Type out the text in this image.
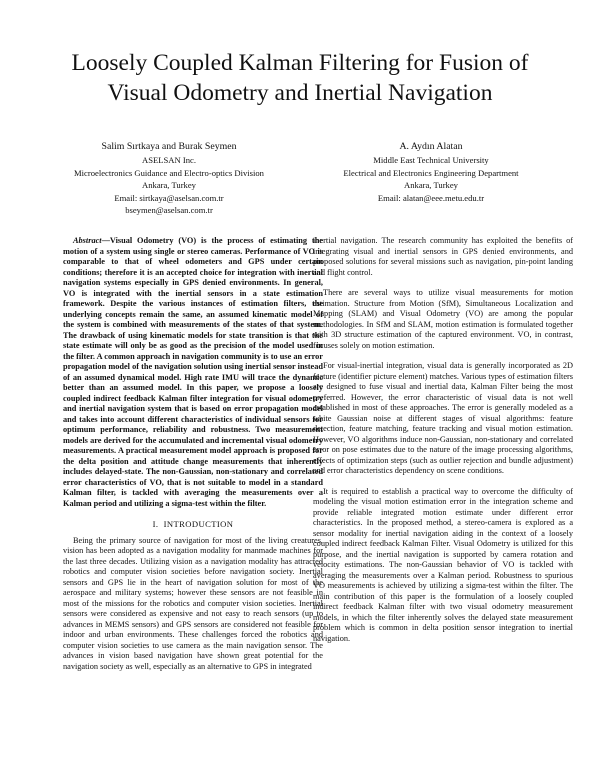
Loosely Coupled Kalman Filtering for Fusion of
Visual Odometry and Inertial Navigation
Salim Sırtkaya and Burak Seymen
ASELSAN Inc.
Microelectronics Guidance and Electro-optics Division
Ankara, Turkey
Email: sirtkaya@aselsan.com.tr
bseymen@aselsan.com.tr
A. Aydın Alatan
Middle East Technical University
Electrical and Electronics Engineering Department
Ankara, Turkey
Email: alatan@eee.metu.edu.tr

Abstract—Visual Odometry (VO) is the process of estimating the motion of a system using single or stereo cameras. Performance of VO is comparable to that of wheel odometers and GPS under certain conditions; therefore it is an accepted choice for integration with inertial navigation systems especially in GPS denied environments. In general, VO is integrated with the inertial sensors in a state estimation framework. Despite the various instances of estimation filters, the underlying concepts remain the same, an assumed kinematic model of the system is combined with measurements of the states of that system. The drawback of using kinematic models for state transition is that the state estimate will only be as good as the precision of the model used in the filter. A common approach in navigation community is to use an error propagation model of the navigation solution using inertial sensor instead of an assumed dynamical model. High rate IMU will trace the dynamic better than an assumed model. In this paper, we propose a loosely coupled indirect feedback Kalman filter integration for visual odometry and inertial navigation system that is based on error propagation model and takes into account different characteristics of individual sensors for optimum performance, reliability and robustness. Two measurement models are derived for the accumulated and incremental visual odometry measurements. A practical measurement model approach is proposed for the delta position and attitude change measurements that inherently includes delayed-state. The non-Gaussian, non-stationary and correlated error characteristics of VO, that is not suitable to model in a standard Kalman filter, is tackled with averaging the measurements over a Kalman period and utilizing a sigma-test within the filter.

I. INTRODUCTION

Being the primary source of navigation for most of the living creatures, vision has been adopted as a navigation modality for manmade machines for the last three decades. Utilizing vision as a navigation modality has attracted robotics and computer vision societies before navigation society. Inertial sensors and GPS lie in the heart of navigation solution for most of the aerospace and military systems; however these sensors are not feasible in most of the missions for the robotics and computer vision societies. Inertial sensors were considered as expensive and not easy to reach sensors (up to advances in MEMS sensors) and GPS sensors are considered not feasible for indoor and urban environments. These challenges forced the robotics and computer vision societies to use camera as the main navigation sensor. The advances in vision based navigation have shown great potential for the navigation society as well, especially as an alternative to GPS in integrated

inertial navigation. The research community has exploited the benefits of integrating visual and inertial sensors in GPS denied environments, and proposed solutions for several missions such as navigation, pin-point landing and flight control.

There are several ways to utilize visual measurements for motion estimation. Structure from Motion (SfM), Simultaneous Localization and Mapping (SLAM) and Visual Odometry (VO) are among the popular methodologies. In SfM and SLAM, motion estimation is formulated together with 3D structure estimation of the captured environment. VO, in contrast, focuses solely on motion estimation.

For visual-inertial integration, visual data is generally incorporated as 2D feature (identifier picture element) matches. Various types of estimation filters are designed to fuse visual and inertial data, Kalman Filter being the most preferred. However, the error characteristic of visual data is not well established in most of these approaches. The error is generally modeled as a white Gaussian noise at different stages of visual algorithms: feature detection, feature matching, feature tracking and visual motion estimation. However, VO algorithms induce non-Gaussian, non-stationary and correlated error on pose estimates due to the nature of the image processing algorithms, effects of optimization steps (such as outlier rejection and bundle adjustment) and error characteristics dependency on scene conditions.

It is required to establish a practical way to overcome the difficulty of modeling the visual motion estimation error in the integration scheme and provide reliable integrated motion estimate under different error characteristics. In the proposed method, a stereo-camera is explored as a sensor modality for inertial navigation aiding in the context of a loosely coupled indirect feedback Kalman Filter. Visual Odometry is utilized for this purpose, and the inertial navigation is supported by camera rotation and velocity estimations. The non-Gaussian behavior of VO is tackled with averaging the measurements over a Kalman period. Robustness to spurious VO measurements is achieved by utilizing a sigma-test within the filter. The main contribution of this paper is the formulation of a loosely coupled indirect feedback Kalman filter with two visual odometry measurement models, in which the filter inherently solves the delayed state measurement problem which is common in delta position sensor integration to inertial navigation.
